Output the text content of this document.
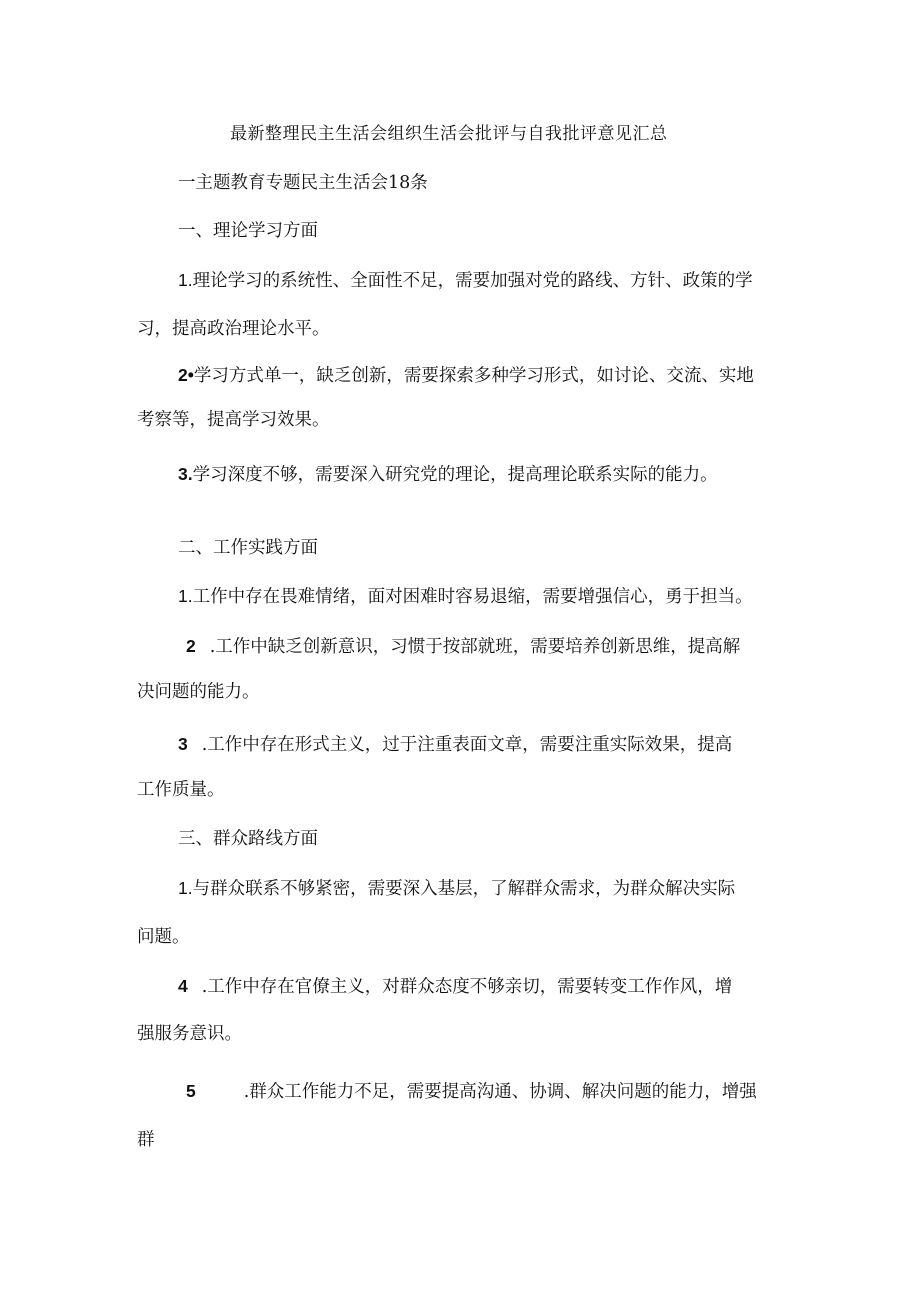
最新整理民主生活会组织生活会批评与自我批评意见汇总
一主题教育专题民主生活会18条
一、理论学习方面
1.理论学习的系统性、全面性不足，需要加强对党的路线、方针、政策的学
习，提高政治理论水平。
2•学习方式单一，缺乏创新，需要探索多种学习形式，如讨论、交流、实地
考察等，提高学习效果。
3.学习深度不够，需要深入研究党的理论，提高理论联系实际的能力。
二、工作实践方面
1.工作中存在畏难情绪，面对困难时容易退缩，需要增强信心，勇于担当。
2 .工作中缺乏创新意识，习惯于按部就班，需要培养创新思维，提高解
决问题的能力。
3 .工作中存在形式主义，过于注重表面文章，需要注重实际效果，提高
工作质量。
三、群众路线方面
1.与群众联系不够紧密，需要深入基层，了解群众需求，为群众解决实际
问题。
4 .工作中存在官僚主义，对群众态度不够亲切，需要转变工作作风，增
强服务意识。
5	.群众工作能力不足，需要提高沟通、协调、解决问题的能力，增强
群
